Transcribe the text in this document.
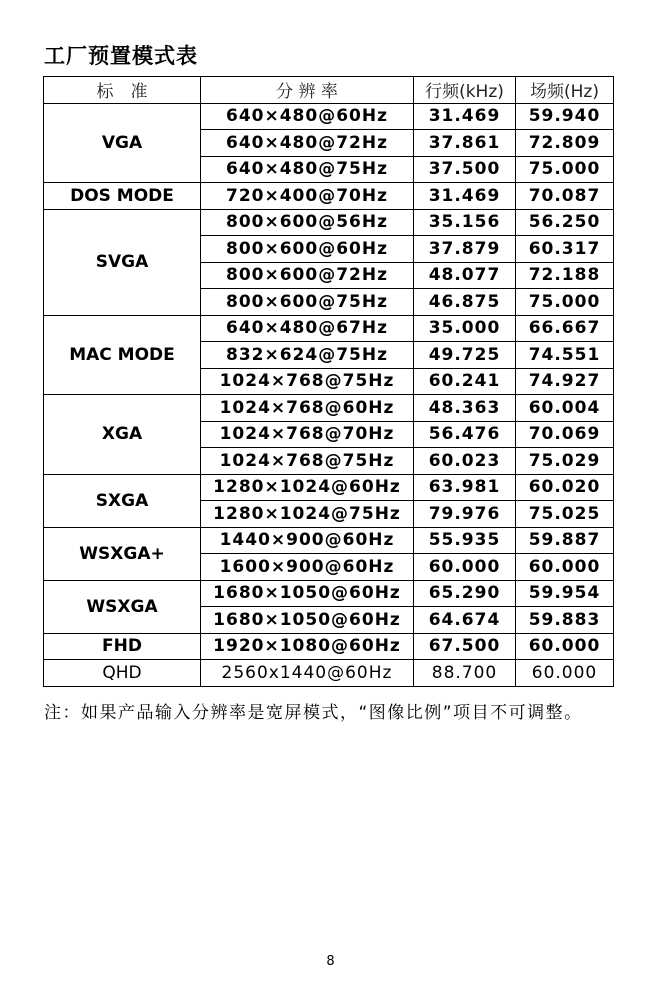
工厂预置模式表
标　准	分 辨 率	行频(kHz)	场频(Hz)
VGA	640×480@60Hz	31.469	59.940
	640×480@72Hz	37.861	72.809
	640×480@75Hz	37.500	75.000
DOS MODE	720×400@70Hz	31.469	70.087
SVGA	800×600@56Hz	35.156	56.250
	800×600@60Hz	37.879	60.317
	800×600@72Hz	48.077	72.188
	800×600@75Hz	46.875	75.000
MAC MODE	640×480@67Hz	35.000	66.667
	832×624@75Hz	49.725	74.551
	1024×768@75Hz	60.241	74.927
XGA	1024×768@60Hz	48.363	60.004
	1024×768@70Hz	56.476	70.069
	1024×768@75Hz	60.023	75.029
SXGA	1280×1024@60Hz	63.981	60.020
	1280×1024@75Hz	79.976	75.025
WSXGA+	1440×900@60Hz	55.935	59.887
	1600×900@60Hz	60.000	60.000
WSXGA	1680×1050@60Hz	65.290	59.954
	1680×1050@60Hz	64.674	59.883
FHD	1920×1080@60Hz	67.500	60.000
QHD	2560x1440@60Hz	88.700	60.000
注：如果产品输入分辨率是宽屏模式，“图像比例”项目不可调整。
8
